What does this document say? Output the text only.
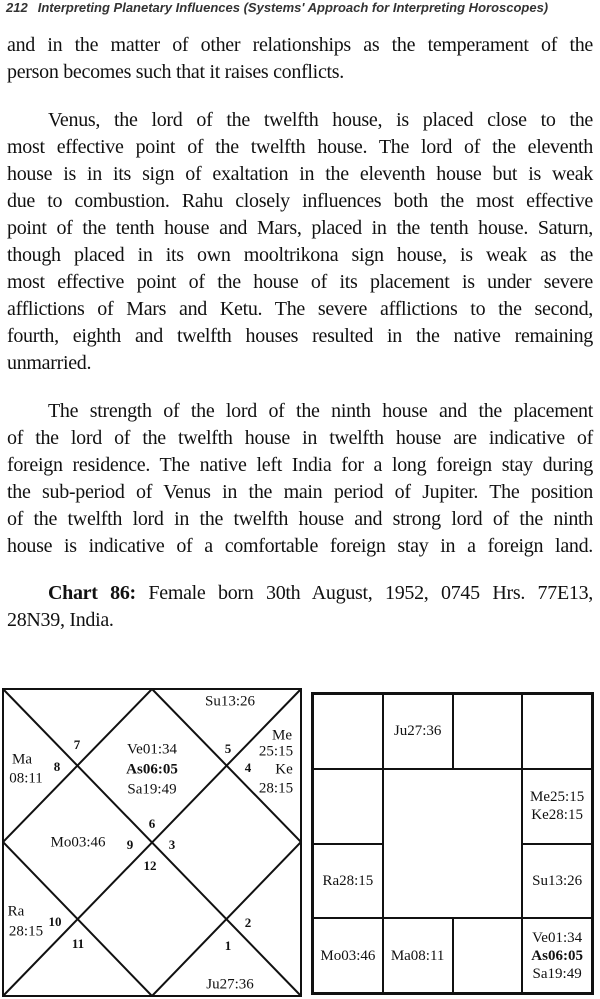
212 Interpreting Planetary Influences (Systems' Approach for Interpreting Horoscopes)
and in the matter of other relationships as the temperament of the
person becomes such that it raises conflicts.
Venus, the lord of the twelfth house, is placed close to the
most effective point of the twelfth house. The lord of the eleventh
house is in its sign of exaltation in the eleventh house but is weak
due to combustion. Rahu closely influences both the most effective
point of the tenth house and Mars, placed in the tenth house. Saturn,
though placed in its own mooltrikona sign house, is weak as the
most effective point of the house of its placement is under severe
afflictions of Mars and Ketu. The severe afflictions to the second,
fourth, eighth and twelfth houses resulted in the native remaining
unmarried.
The strength of the lord of the ninth house and the placement
of the lord of the twelfth house in twelfth house are indicative of
foreign residence. The native left India for a long foreign stay during
the sub-period of Venus in the main period of Jupiter. The position
of the twelfth lord in the twelfth house and strong lord of the ninth
house is indicative of a comfortable foreign stay in a foreign land.
Chart 86: Female born 30th August, 1952, 0745 Hrs. 77E13,
28N39, India.
Su13:26
Me
25:15
Ke
28:15
Ma
08:11
Ve01:34
As06:05
Sa19:49
Mo03:46
Ra
28:15
Ju27:36
1
2
3
4
5
6
7
8
9
10
11
12
Ju27:36
Me25:15
Ke28:15
Ra28:15	Su13:26
Mo03:46 Ma08:11
Ve01:34
As06:05
Sa19:49
